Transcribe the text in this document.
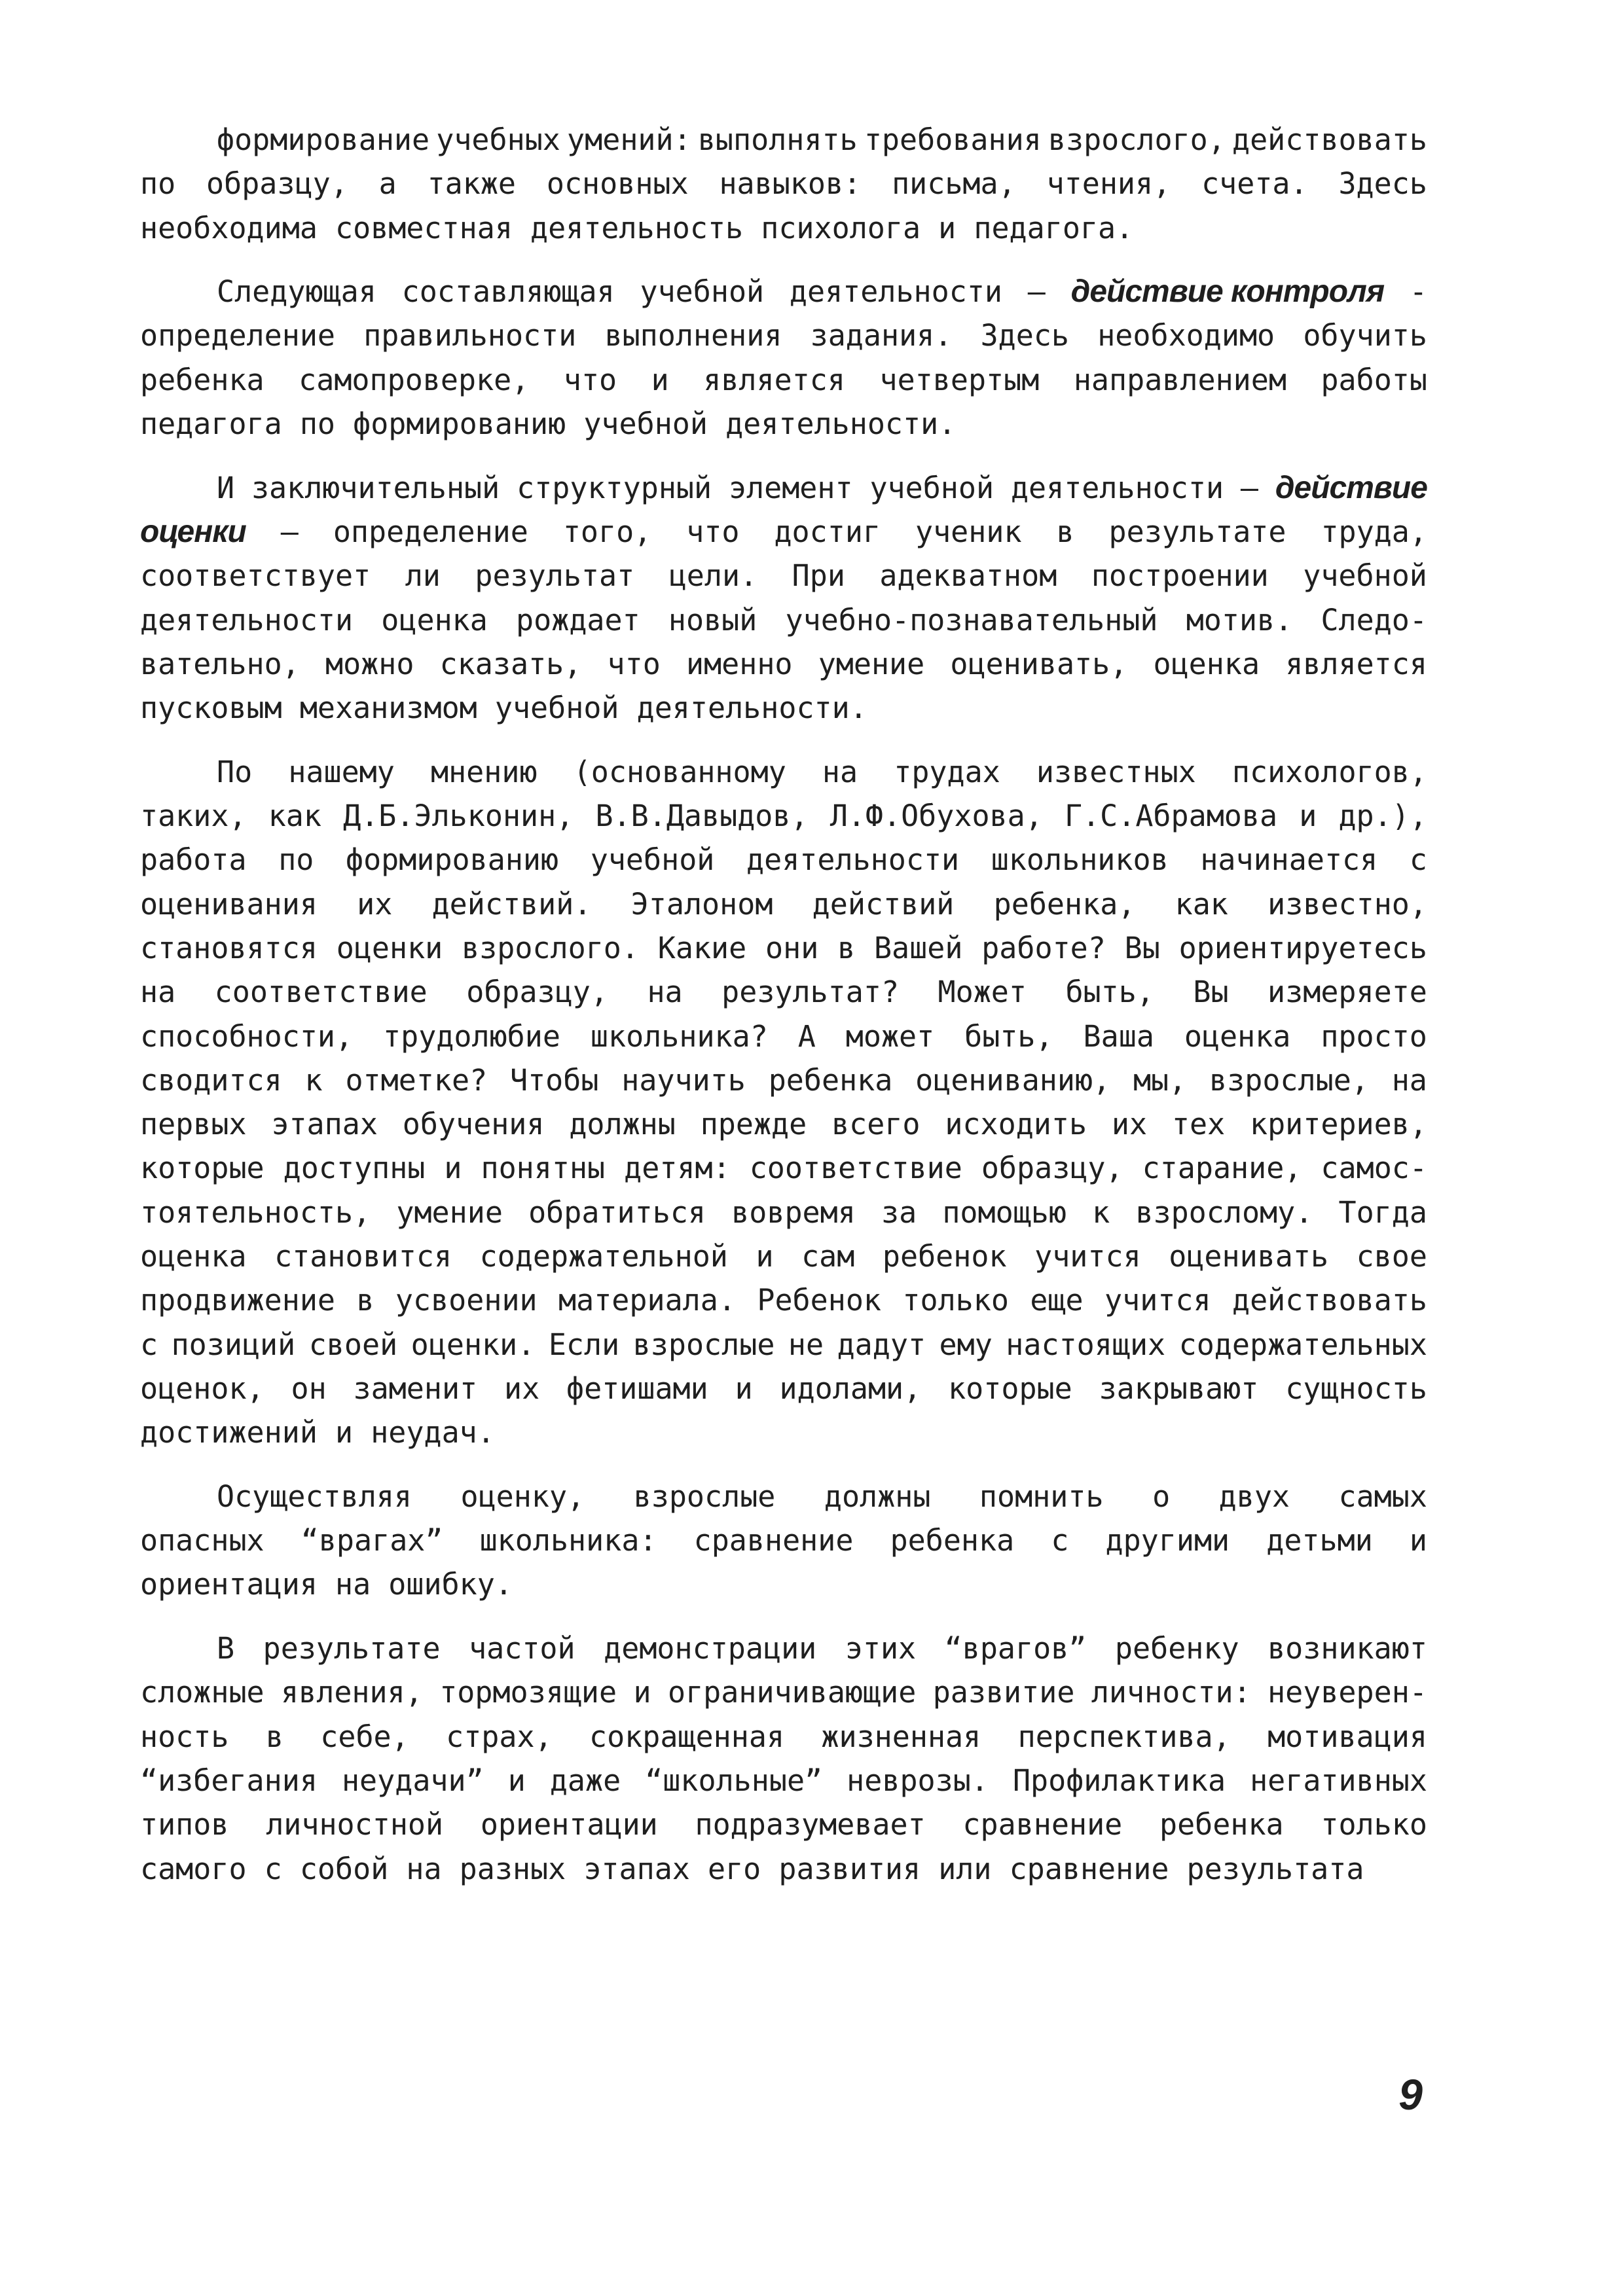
формирование учебных умений: выполнять требования взрослого, действовать
по образцу, а также основных навыков: письма, чтения, счета. Здесь
необходима совместная деятельность психолога и педагога.
Следующая составляющая учебной деятельности – действие контроля -
определение правильности выполнения задания. Здесь необходимо обучить
ребенка самопроверке, что и является четвертым направлением работы
педагога по формированию учебной деятельности.
И заключительный структурный элемент учебной деятельности – действие
оценки – определение того, что достиг ученик в результате труда,
соответствует ли результат цели. При адекватном построении учебной
деятельности оценка рождает новый учебно-познавательный мотив. Следо-
вательно, можно сказать, что именно умение оценивать, оценка является
пусковым механизмом учебной деятельности.
По нашему мнению (основанному на трудах известных психологов,
таких, как Д.Б.Эльконин, В.В.Давыдов, Л.Ф.Обухова, Г.С.Абрамова и др.),
работа по формированию учебной деятельности школьников начинается с
оценивания их действий. Эталоном действий ребенка, как известно,
становятся оценки взрослого. Какие они в Вашей работе? Вы ориентируетесь
на соответствие образцу, на результат? Может быть, Вы измеряете
способности, трудолюбие школьника? А может быть, Ваша оценка просто
сводится к отметке? Чтобы научить ребенка оцениванию, мы, взрослые, на
первых этапах обучения должны прежде всего исходить их тех критериев,
которые доступны и понятны детям: соответствие образцу, старание, самос-
тоятельность, умение обратиться вовремя за помощью к взрослому. Тогда
оценка становится содержательной и сам ребенок учится оценивать свое
продвижение в усвоении материала. Ребенок только еще учится действовать
с позиций своей оценки. Если взрослые не дадут ему настоящих содержательных
оценок, он заменит их фетишами и идолами, которые закрывают сущность
достижений и неудач.
Осуществляя оценку, взрослые должны помнить о двух самых
опасных “врагах” школьника: сравнение ребенка с другими детьми и
ориентация на ошибку.
В результате частой демонстрации этих “врагов” ребенку возникают
сложные явления, тормозящие и ограничивающие развитие личности: неуверен-
ность в себе, страх, сокращенная жизненная перспектива, мотивация
“избегания неудачи” и даже “школьные” неврозы. Профилактика негативных
типов личностной ориентации подразумевает сравнение ребенка только
самого с собой на разных этапах его развития или сравнение результата
9
